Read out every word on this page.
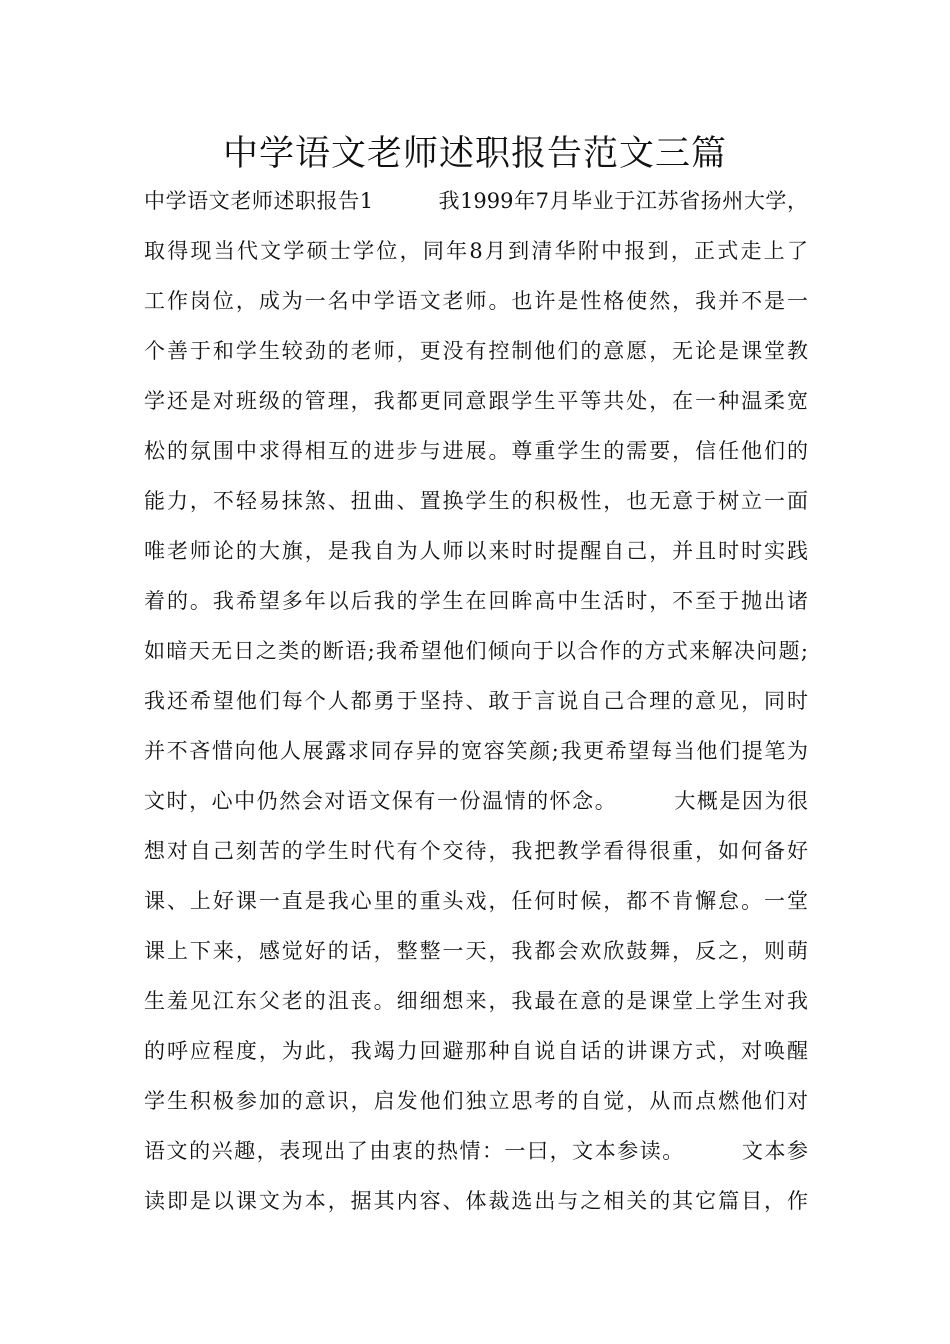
中学语文老师述职报告范文三篇
中学语文老师述职报告1　　　我1999年7月毕业于江苏省扬州大学，
取得现当代文学硕士学位，同年8月到清华附中报到，正式走上了
工作岗位，成为一名中学语文老师。也许是性格使然，我并不是一
个善于和学生较劲的老师，更没有控制他们的意愿，无论是课堂教
学还是对班级的管理，我都更同意跟学生平等共处，在一种温柔宽
松的氛围中求得相互的进步与进展。尊重学生的需要，信任他们的
能力，不轻易抹煞、扭曲、置换学生的积极性，也无意于树立一面
唯老师论的大旗，是我自为人师以来时时提醒自己，并且时时实践
着的。我希望多年以后我的学生在回眸高中生活时，不至于抛出诸
如暗天无日之类的断语;我希望他们倾向于以合作的方式来解决问题;
我还希望他们每个人都勇于坚持、敢于言说自己合理的意见，同时
并不吝惜向他人展露求同存异的宽容笑颜;我更希望每当他们提笔为
文时，心中仍然会对语文保有一份温情的怀念。　　　大概是因为很
想对自己刻苦的学生时代有个交待，我把教学看得很重，如何备好
课、上好课一直是我心里的重头戏，任何时候，都不肯懈怠。一堂
课上下来，感觉好的话，整整一天，我都会欢欣鼓舞，反之，则萌
生羞见江东父老的沮丧。细细想来，我最在意的是课堂上学生对我
的呼应程度，为此，我竭力回避那种自说自话的讲课方式，对唤醒
学生积极参加的意识，启发他们独立思考的自觉，从而点燃他们对
语文的兴趣，表现出了由衷的热情：一曰，文本参读。　　　文本参
读即是以课文为本，据其内容、体裁选出与之相关的其它篇目，作
